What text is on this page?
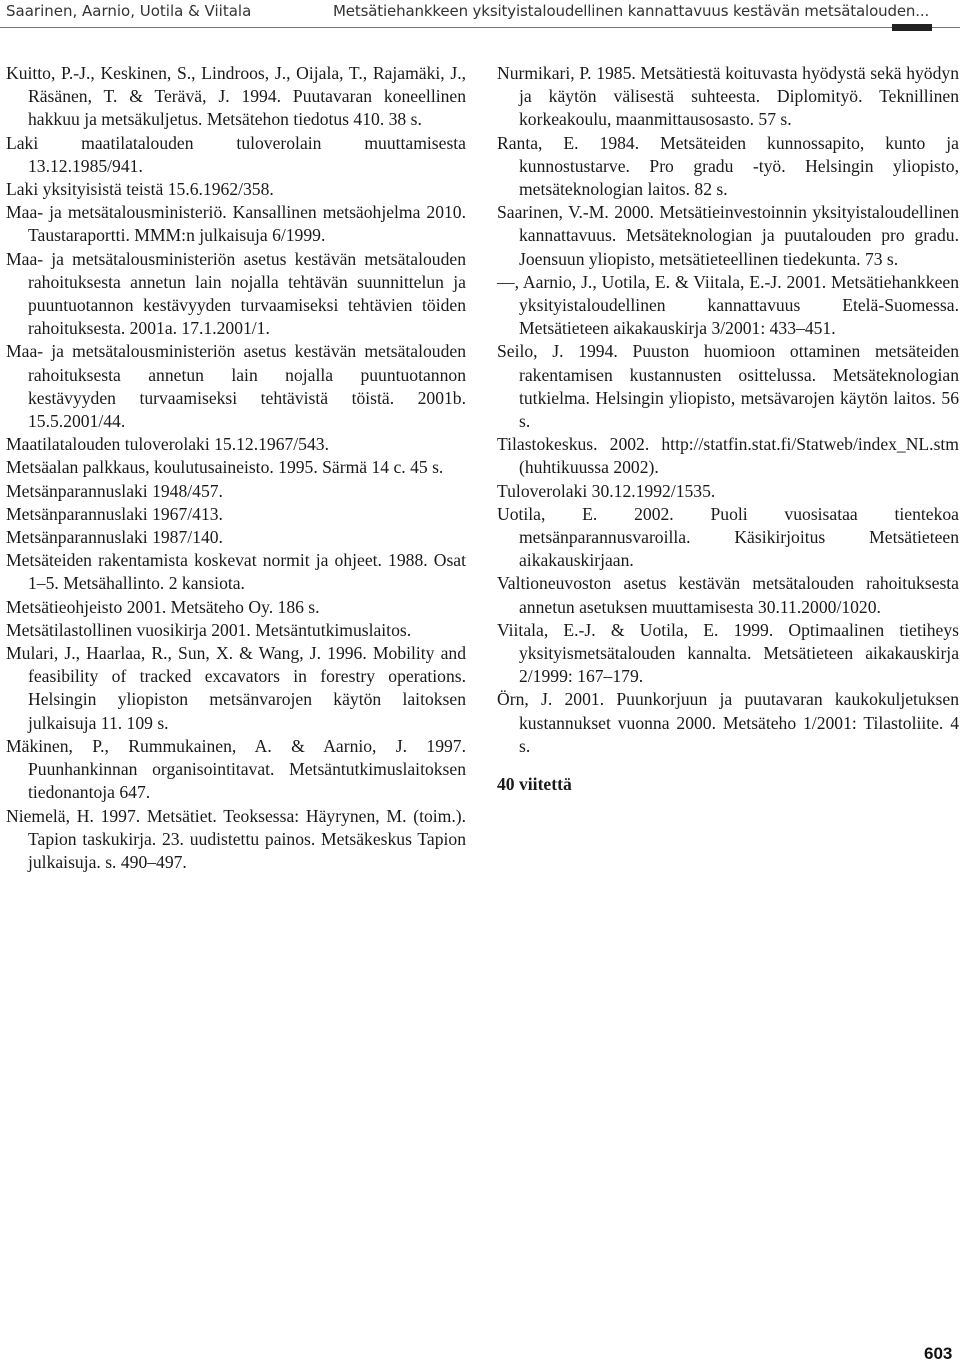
Saarinen, Aarnio, Uotila & Viitala	Metsätiehankkeen yksityistaloudellinen kannattavuus kestävän metsätalouden...

Kuitto, P.-J., Keskinen, S., Lindroos, J., Oijala, T., Rajamäki, J., Räsänen, T. & Terävä, J. 1994. Puutavaran koneellinen hakkuu ja metsäkuljetus. Metsätehon tiedotus 410. 38 s.

Laki maatilatalouden tuloverolain muuttamisesta 13.12.1985/941.

Laki yksityisistä teistä 15.6.1962/358.

Maa- ja metsätalousministeriö. Kansallinen metsäohjelma 2010. Taustaraportti. MMM:n julkaisuja 6/1999.

Maa- ja metsätalousministeriön asetus kestävän metsätalouden rahoituksesta annetun lain nojalla tehtävän suunnittelun ja puuntuotannon kestävyyden turvaamiseksi tehtävien töiden rahoituksesta. 2001a. 17.1.2001/1.

Maa- ja metsätalousministeriön asetus kestävän metsätalouden rahoituksesta annetun lain nojalla puuntuotannon kestävyyden turvaamiseksi tehtävistä töistä. 2001b. 15.5.2001/44.

Maatilatalouden tuloverolaki 15.12.1967/543.

Metsäalan palkkaus, koulutusaineisto. 1995. Särmä 14 c. 45 s.

Metsänparannuslaki 1948/457.

Metsänparannuslaki 1967/413.

Metsänparannuslaki 1987/140.

Metsäteiden rakentamista koskevat normit ja ohjeet. 1988. Osat 1–5. Metsähallinto. 2 kansiota.

Metsätieohjeisto 2001. Metsäteho Oy. 186 s.

Metsätilastollinen vuosikirja 2001. Metsäntutkimuslaitos.

Mulari, J., Haarlaa, R., Sun, X. & Wang, J. 1996. Mobility and feasibility of tracked excavators in forestry operations. Helsingin yliopiston metsänvarojen käytön laitoksen julkaisuja 11. 109 s.

Mäkinen, P., Rummukainen, A. & Aarnio, J. 1997. Puunhankinnan organisointitavat. Metsäntutkimuslaitoksen tiedonantoja 647.

Niemelä, H. 1997. Metsätiet. Teoksessa: Häyrynen, M. (toim.). Tapion taskukirja. 23. uudistettu painos. Metsäkeskus Tapion julkaisuja. s. 490–497.

Nurmikari, P. 1985. Metsätiestä koituvasta hyödystä sekä hyödyn ja käytön välisestä suhteesta. Diplomityö. Teknillinen korkeakoulu, maanmittausosasto. 57 s.

Ranta, E. 1984. Metsäteiden kunnossapito, kunto ja kunnostustarve. Pro gradu -työ. Helsingin yliopisto, metsäteknologian laitos. 82 s.

Saarinen, V.-M. 2000. Metsätieinvestoinnin yksityistaloudellinen kannattavuus. Metsäteknologian ja puutalouden pro gradu. Joensuun yliopisto, metsätieteellinen tiedekunta. 73 s.

—, Aarnio, J., Uotila, E. & Viitala, E.-J. 2001. Metsätiehankkeen yksityistaloudellinen kannattavuus Etelä-Suomessa. Metsätieteen aikakauskirja 3/2001: 433–451.

Seilo, J. 1994. Puuston huomioon ottaminen metsäteiden rakentamisen kustannusten osittelussa. Metsäteknologian tutkielma. Helsingin yliopisto, metsävarojen käytön laitos. 56 s.

Tilastokeskus. 2002. http://statfin.stat.fi/Statweb/index_NL.stm (huhtikuussa 2002).

Tuloverolaki 30.12.1992/1535.

Uotila, E. 2002. Puoli vuosisataa tientekoa metsänparannusvaroilla. Käsikirjoitus Metsätieteen aikakauskirjaan.

Valtioneuvoston asetus kestävän metsätalouden rahoituksesta annetun asetuksen muuttamisesta 30.11.2000/1020.

Viitala, E.-J. & Uotila, E. 1999. Optimaalinen tietiheys yksityismetsätalouden kannalta. Metsätieteen aikakauskirja 2/1999: 167–179.

Örn, J. 2001. Puunkorjuun ja puutavaran kaukokuljetuksen kustannukset vuonna 2000. Metsäteho 1/2001: Tilastoliite. 4 s.

40 viitettä

603
